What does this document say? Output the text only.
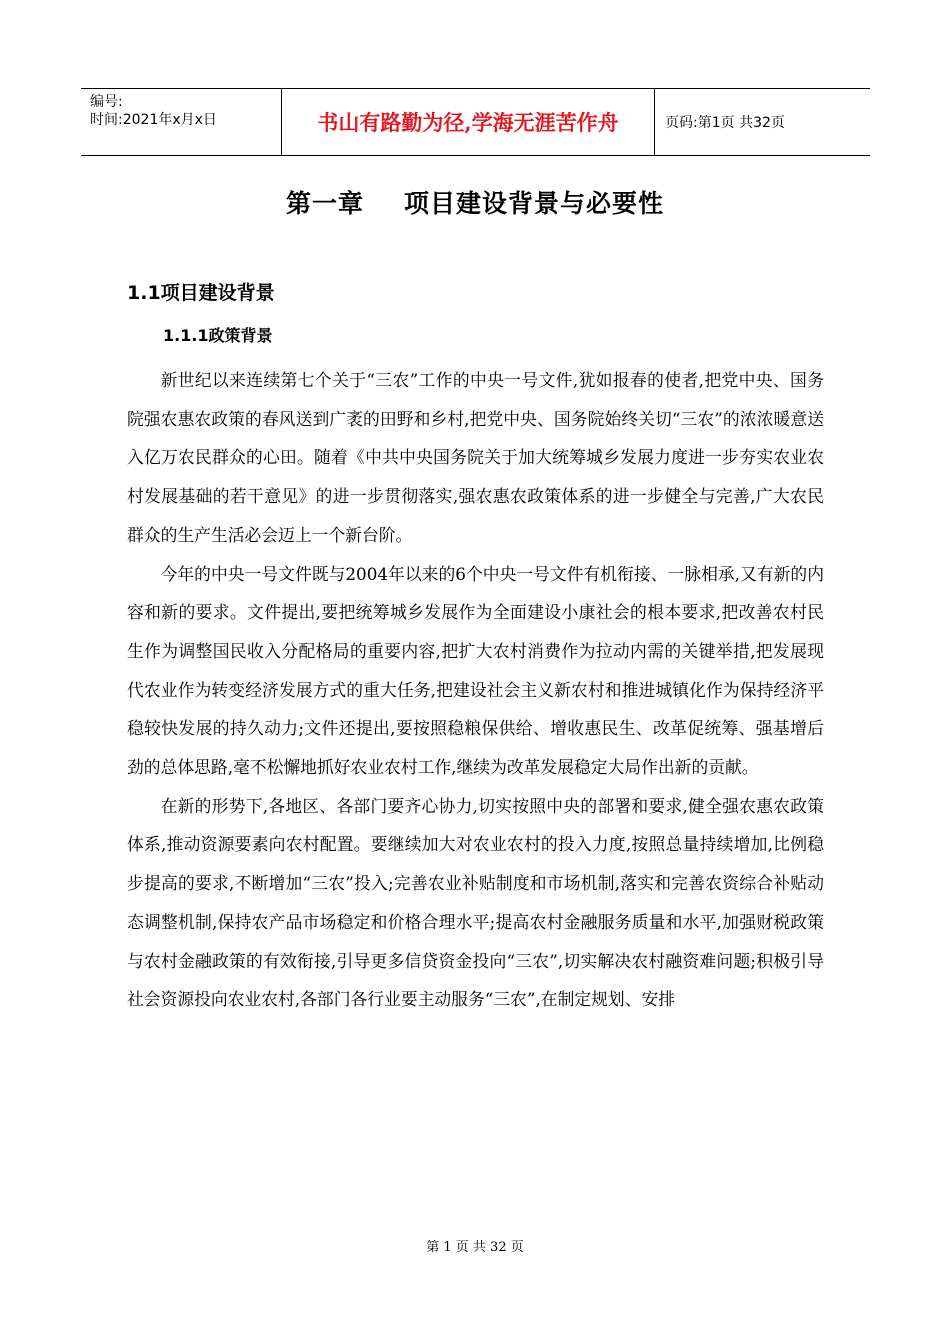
编号:
时间:2021年x月x日	书山有路勤为径,学海无涯苦作舟	页码:第1页 共32页
第一章 项目建设背景与必要性
1.1项目建设背景
1.1.1政策背景

新世纪以来连续第七个关于“三农”工作的中央一号文件,犹如报春的使者,把党中央、国务院强农惠农政策的春风送到广袤的田野和乡村,把党中央、国务院始终关切“三农”的浓浓暖意送入亿万农民群众的心田。随着《中共中央国务院关于加大统筹城乡发展力度进一步夯实农业农村发展基础的若干意见》的进一步贯彻落实,强农惠农政策体系的进一步健全与完善,广大农民群众的生产生活必会迈上一个新台阶。

今年的中央一号文件既与2004年以来的6个中央一号文件有机衔接、一脉相承,又有新的内容和新的要求。文件提出,要把统筹城乡发展作为全面建设小康社会的根本要求,把改善农村民生作为调整国民收入分配格局的重要内容,把扩大农村消费作为拉动内需的关键举措,把发展现代农业作为转变经济发展方式的重大任务,把建设社会主义新农村和推进城镇化作为保持经济平稳较快发展的持久动力;文件还提出,要按照稳粮保供给、增收惠民生、改革促统筹、强基增后劲的总体思路,毫不松懈地抓好农业农村工作,继续为改革发展稳定大局作出新的贡献。

在新的形势下,各地区、各部门要齐心协力,切实按照中央的部署和要求,健全强农惠农政策体系,推动资源要素向农村配置。要继续加大对农业农村的投入力度,按照总量持续增加,比例稳步提高的要求,不断增加“三农”投入;完善农业补贴制度和市场机制,落实和完善农资综合补贴动态调整机制,保持农产品市场稳定和价格合理水平;提高农村金融服务质量和水平,加强财税政策与农村金融政策的有效衔接,引导更多信贷资金投向“三农”,切实解决农村融资难问题;积极引导社会资源投向农业农村,各部门各行业要主动服务“三农”,在制定规划、安排

第 1 页 共 32 页
